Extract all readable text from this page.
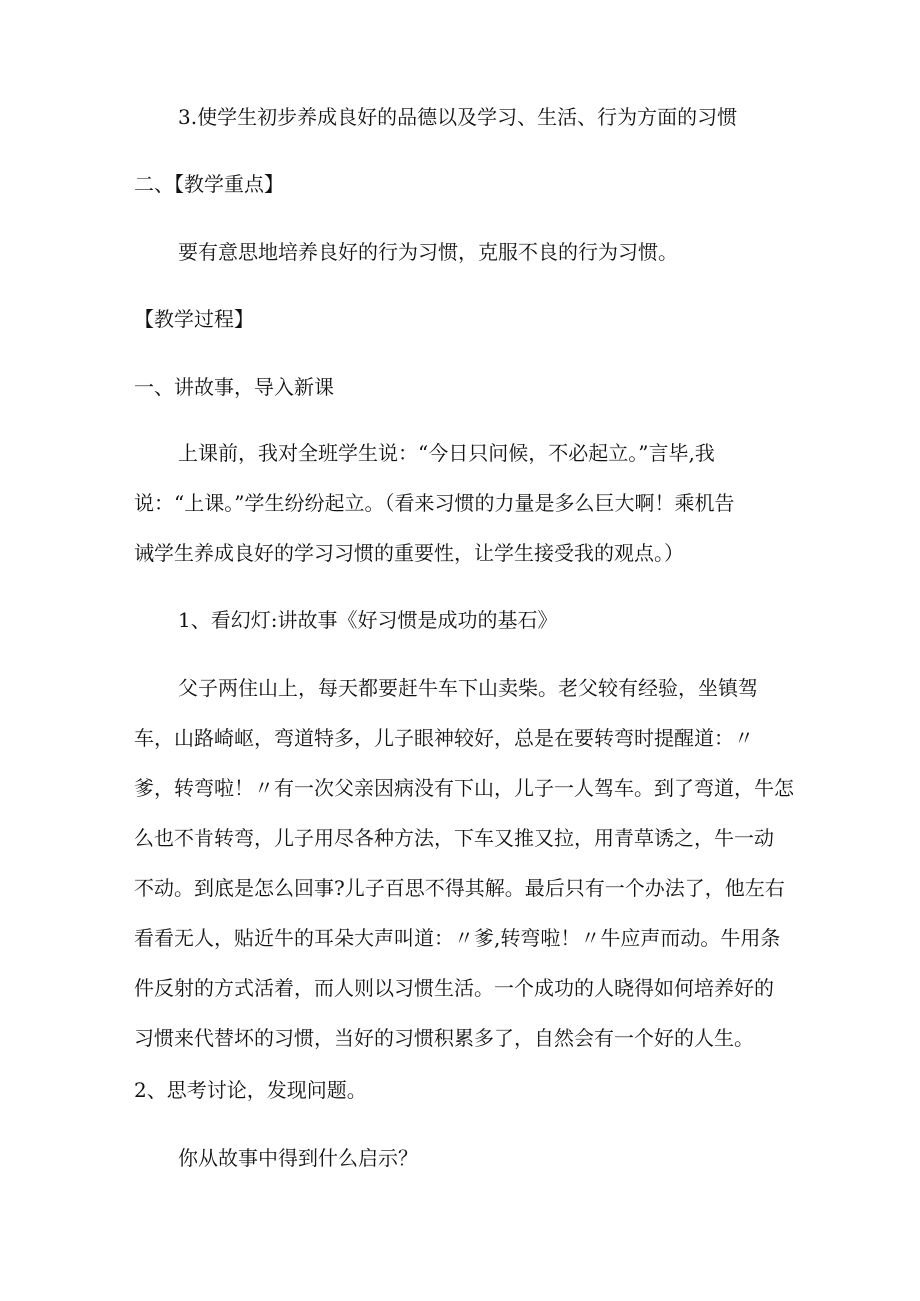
3.使学生初步养成良好的品德以及学习、生活、行为方面的习惯

二、【教学重点】

要有意思地培养良好的行为习惯，克服不良的行为习惯。

【教学过程】

一、讲故事，导入新课

上课前，我对全班学生说：“今日只问候，不必起立。”言毕,我
说：“上课。”学生纷纷起立。（看来习惯的力量是多么巨大啊！乘机告
诫学生养成良好的学习习惯的重要性，让学生接受我的观点。）

1、看幻灯:讲故事《好习惯是成功的基石》

父子两住山上，每天都要赶牛车下山卖柴。老父较有经验，坐镇驾
车，山路崎岖，弯道特多，儿子眼神较好，总是在要转弯时提醒道：〃
爹，转弯啦！〃有一次父亲因病没有下山，儿子一人驾车。到了弯道，牛怎
么也不肯转弯，儿子用尽各种方法，下车又推又拉，用青草诱之，牛一动
不动。到底是怎么回事?儿子百思不得其解。最后只有一个办法了，他左右
看看无人，贴近牛的耳朵大声叫道：〃爹,转弯啦！〃牛应声而动。牛用条
件反射的方式活着，而人则以习惯生活。一个成功的人晓得如何培养好的
习惯来代替坏的习惯，当好的习惯积累多了，自然会有一个好的人生。

2、思考讨论，发现问题。

你从故事中得到什么启示？
